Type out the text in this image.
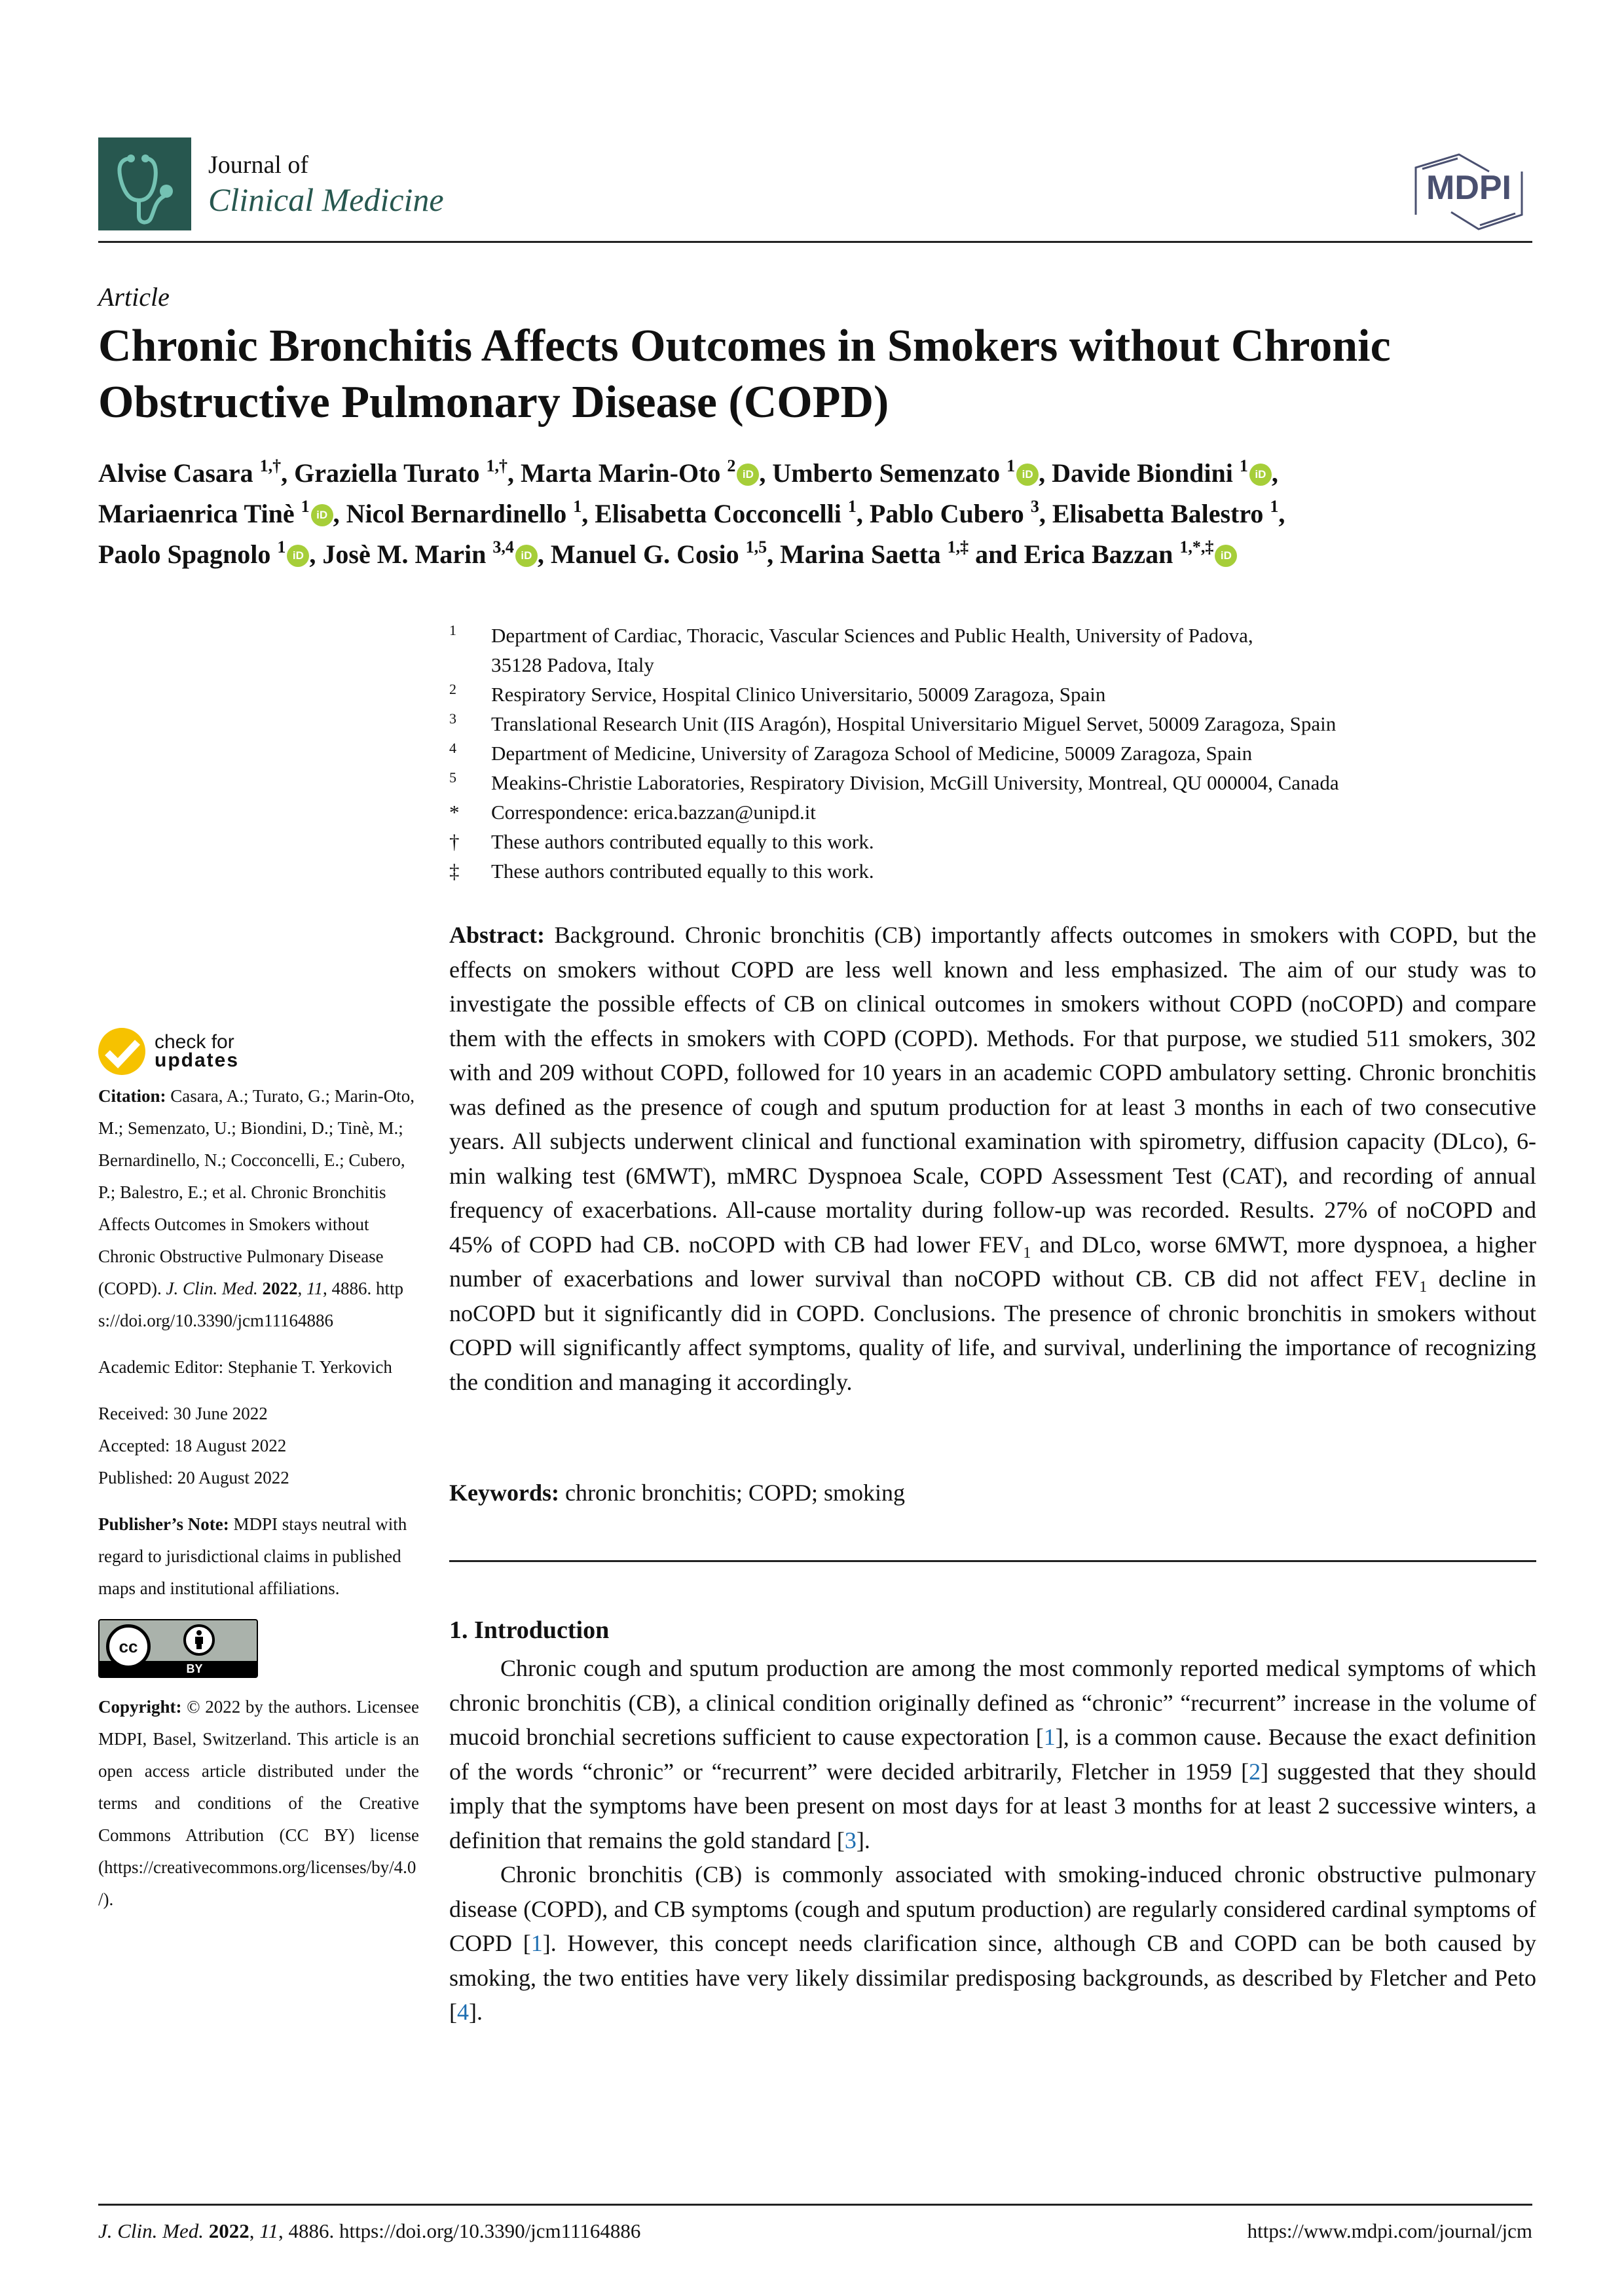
Journal of
Clinical Medicine	MDPI
Article
Chronic Bronchitis Affects Outcomes in Smokers without Chronic Obstructive Pulmonary Disease (COPD)
Alvise Casara $^{1,\dagger}$, Graziella Turato $^{1,\dagger}$, Marta Marin-Oto $^2$ iD , Umberto Semenzato $^1$ iD , Davide Biondini $^1$ iD ,
Mariaenrica Tinè $^1$ iD , Nicol Bernardinello $^1$, Elisabetta Cocconcelli $^1$, Pablo Cubero $^3$, Elisabetta Balestro $^1$,
Paolo Spagnolo $^1$ iD , Josè M. Marin $^{3,4}$ iD , Manuel G. Cosio $^{1,5}$, Marina Saetta $^{1,\ddagger}$ and Erica Bazzan $^{1,*,\ddagger}$ iD
1	Department of Cardiac, Thoracic, Vascular Sciences and Public Health, University of Padova,
35128 Padova, Italy
2	Respiratory Service, Hospital Clinico Universitario, 50009 Zaragoza, Spain
3	Translational Research Unit (IIS Aragón), Hospital Universitario Miguel Servet, 50009 Zaragoza, Spain
4	Department of Medicine, University of Zaragoza School of Medicine, 50009 Zaragoza, Spain
5	Meakins-Christie Laboratories, Respiratory Division, McGill University, Montreal, QU 000004, Canada
*	Correspondence: erica.bazzan@unipd.it
†	These authors contributed equally to this work.
‡	These authors contributed equally to this work.
check for
updates
Citation: Casara, A.; Turato, G.; Marin-Oto, M.; Semenzato, U.; Biondini, D.; Tinè, M.; Bernardinello, N.; Cocconcelli, E.; Cubero, P.; Balestro, E.; et al. Chronic Bronchitis Affects Outcomes in Smokers without Chronic Obstructive Pulmonary Disease (COPD). J. Clin. Med. 2022, 11, 4886. https://doi.org/10.3390/jcm11164886
Academic Editor: Stephanie T. Yerkovich
Received: 30 June 2022
Accepted: 18 August 2022
Published: 20 August 2022
Publisher’s Note: MDPI stays neutral with regard to jurisdictional claims in published maps and institutional affiliations.
cc
BY
Copyright: © 2022 by the authors. Licensee MDPI, Basel, Switzerland. This article is an open access article distributed under the terms and conditions of the Creative Commons Attribution (CC BY) license (https://creativecommons.org/licenses/by/4.0/).
Abstract: Background. Chronic bronchitis (CB) importantly affects outcomes in smokers with COPD, but the effects on smokers without COPD are less well known and less emphasized. The aim of our study was to investigate the possible effects of CB on clinical outcomes in smokers without COPD (noCOPD) and compare them with the effects in smokers with COPD (COPD). Methods. For that purpose, we studied 511 smokers, 302 with and 209 without COPD, followed for 10 years in an academic COPD ambulatory setting. Chronic bronchitis was defined as the presence of cough and sputum production for at least 3 months in each of two consecutive years. All subjects underwent clinical and functional examination with spirometry, diffusion capacity (DLco), 6-min walking test (6MWT), mMRC Dyspnoea Scale, COPD Assessment Test (CAT), and recording of annual frequency of exacerbations. All-cause mortality during follow-up was recorded. Results. 27% of noCOPD and 45% of COPD had CB. noCOPD with CB had lower $FEV_1$ and DLco, worse 6MWT, more dyspnoea, a higher number of exacerbations and lower survival than noCOPD without CB. CB did not affect $FEV_1$ decline in noCOPD but it significantly did in COPD. Conclusions. The presence of chronic bronchitis in smokers without COPD will significantly affect symptoms, quality of life, and survival, underlining the importance of recognizing the condition and managing it accordingly.
Keywords: chronic bronchitis; COPD; smoking
1. Introduction

Chronic cough and sputum production are among the most commonly reported medical symptoms of which chronic bronchitis (CB), a clinical condition originally defined as “chronic” “recurrent” increase in the volume of mucoid bronchial secretions sufficient to cause expectoration [1], is a common cause. Because the exact definition of the words “chronic” or “recurrent” were decided arbitrarily, Fletcher in 1959 [2] suggested that they should imply that the symptoms have been present on most days for at least 3 months for at least 2 successive winters, a definition that remains the gold standard [3].

Chronic bronchitis (CB) is commonly associated with smoking-induced chronic obstructive pulmonary disease (COPD), and CB symptoms (cough and sputum production) are regularly considered cardinal symptoms of COPD [1]. However, this concept needs clarification since, although CB and COPD can be both caused by smoking, the two entities have very likely dissimilar predisposing backgrounds, as described by Fletcher and Peto [4].

J. Clin. Med. 2022, 11, 4886. https://doi.org/10.3390/jcm11164886	https://www.mdpi.com/journal/jcm
